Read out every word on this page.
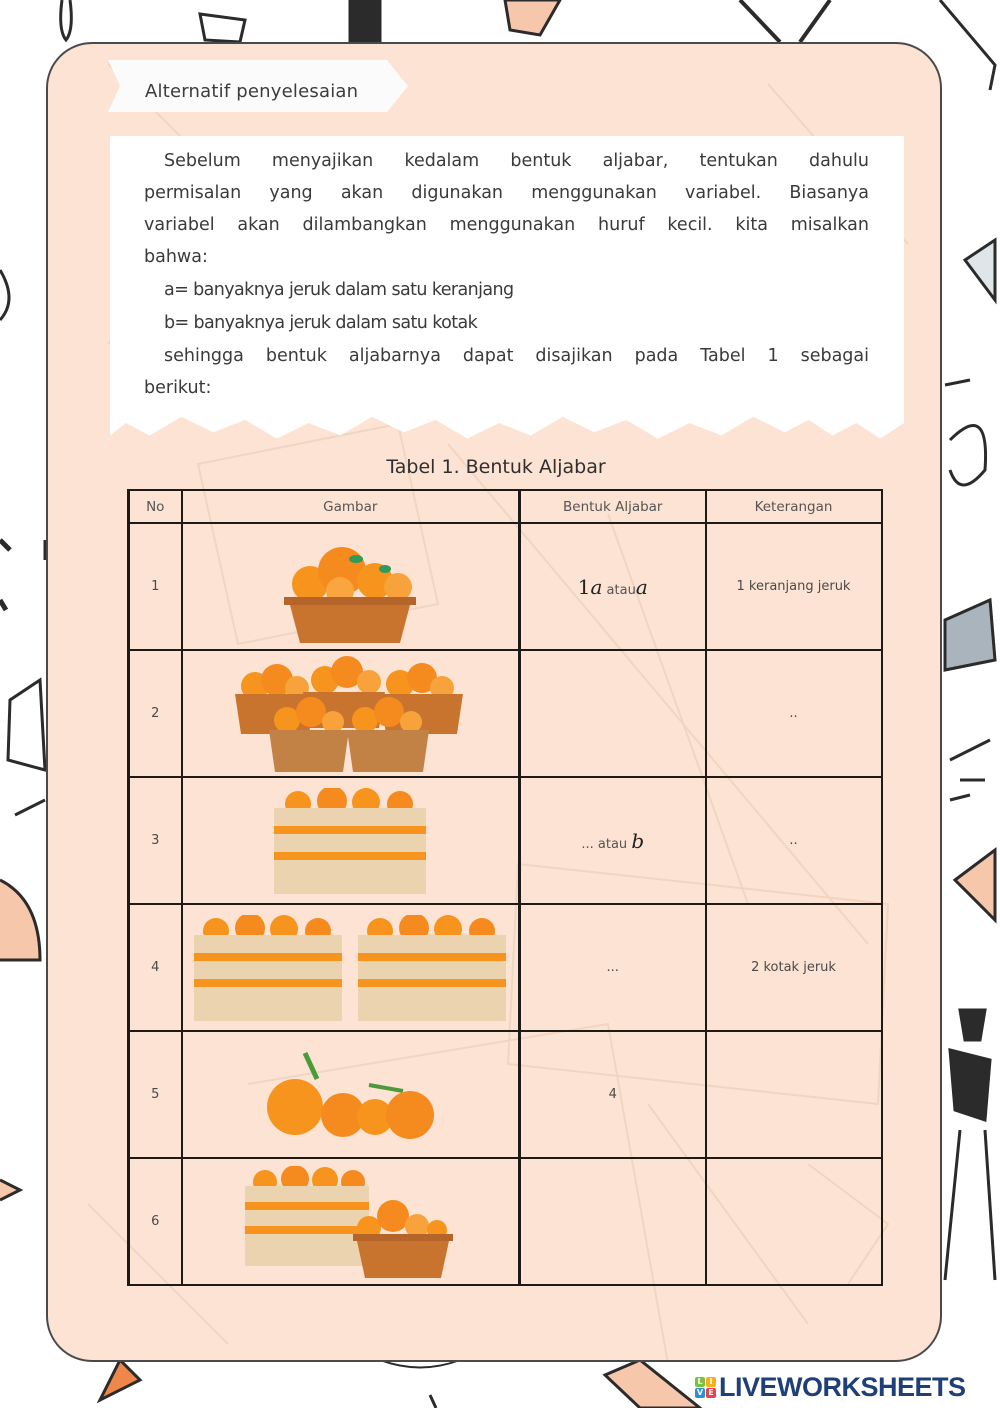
Alternatif penyelesaian
Sebelum menyajikan kedalam bentuk aljabar, tentukan dahulu
permisalan yang akan digunakan menggunakan variabel. Biasanya
variabel akan dilambangkan menggunakan huruf kecil. kita misalkan
bahwa:
a= banyaknya jeruk dalam satu keranjang
b= banyaknya jeruk dalam satu kotak
sehingga bentuk aljabarnya dapat disajikan pada Tabel 1 sebagai
berikut:
Tabel 1. Bentuk Aljabar
No	Gambar	Bentuk Aljabar	Keterangan
1		1a ataua	1 keranjang jeruk
2			..
3		... atau b	..
4		...	2 kotak jeruk
5		4	
6			
L I
V E LIVEWORKSHEETS
